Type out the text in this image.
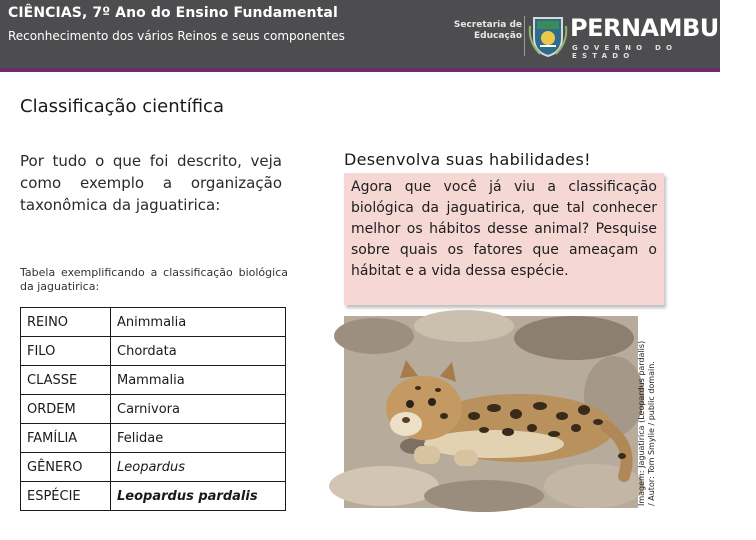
CIÊNCIAS, 7º Ano do Ensino Fundamental
Reconhecimento dos vários Reinos e seus componentes
Secretaria de
Educação PERNAMBUCO
GOVERNO DO ESTADO
Classificação científica
Por tudo o que foi descrito, veja como exemplo a organização taxonômica da jaguatirica:
Tabela exemplificando a classificação biológica da jaguatirica:
REINO	Animmalia
FILO	Chordata
CLASSE	Mammalia
ORDEM	Carnivora
FAMÍLIA	Felidae
GÊNERO	Leopardus
ESPÉCIE	Leopardus pardalis
Desenvolva suas habilidades!
Agora que você já viu a classificação biológica da jaguatirica, que tal conhecer melhor os hábitos desse animal? Pesquise sobre quais os fatores que ameaçam o hábitat e a vida dessa espécie.
Imagem: Jaguatirica (Leopardus pardalis) / Autor: Tom Smylie / public domain.
